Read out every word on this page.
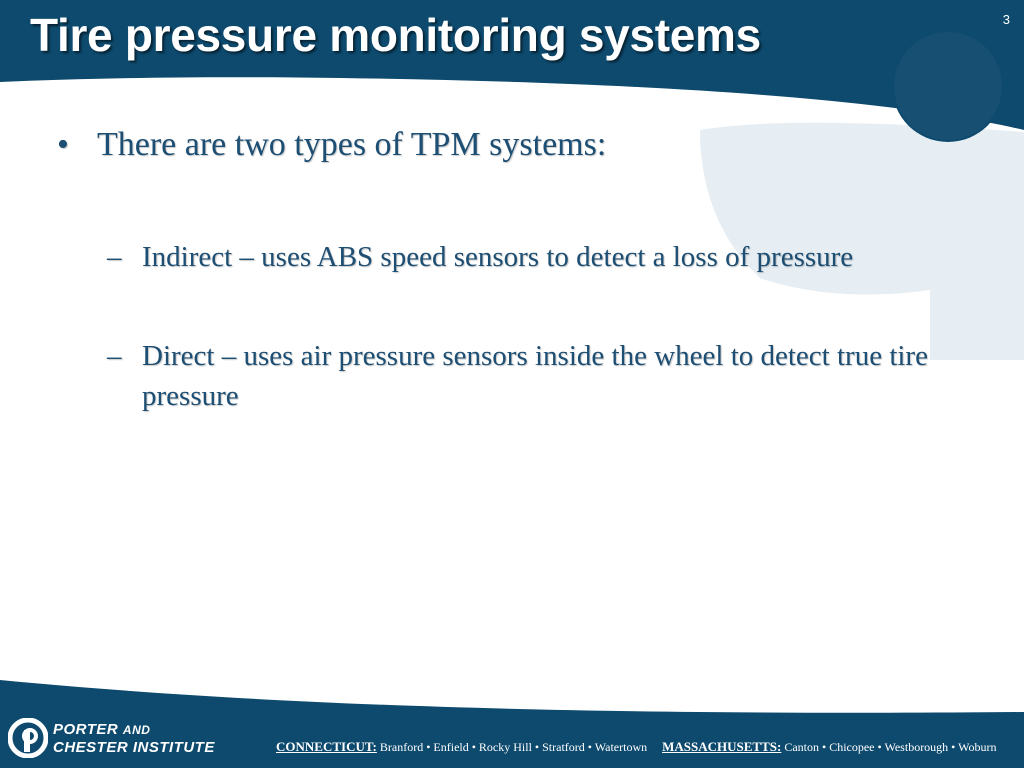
Tire pressure monitoring systems	3
• There are two types of TPM systems:
– Indirect – uses ABS speed sensors to detect a loss of pressure
– Direct – uses air pressure sensors inside the wheel to detect true tire pressure
PORTER AND
CHESTER INSTITUTE	CONNECTICUT: Branford • Enfield • Rocky Hill • Stratford • Watertown MASSACHUSETTS: Canton • Chicopee • Westborough • Woburn
